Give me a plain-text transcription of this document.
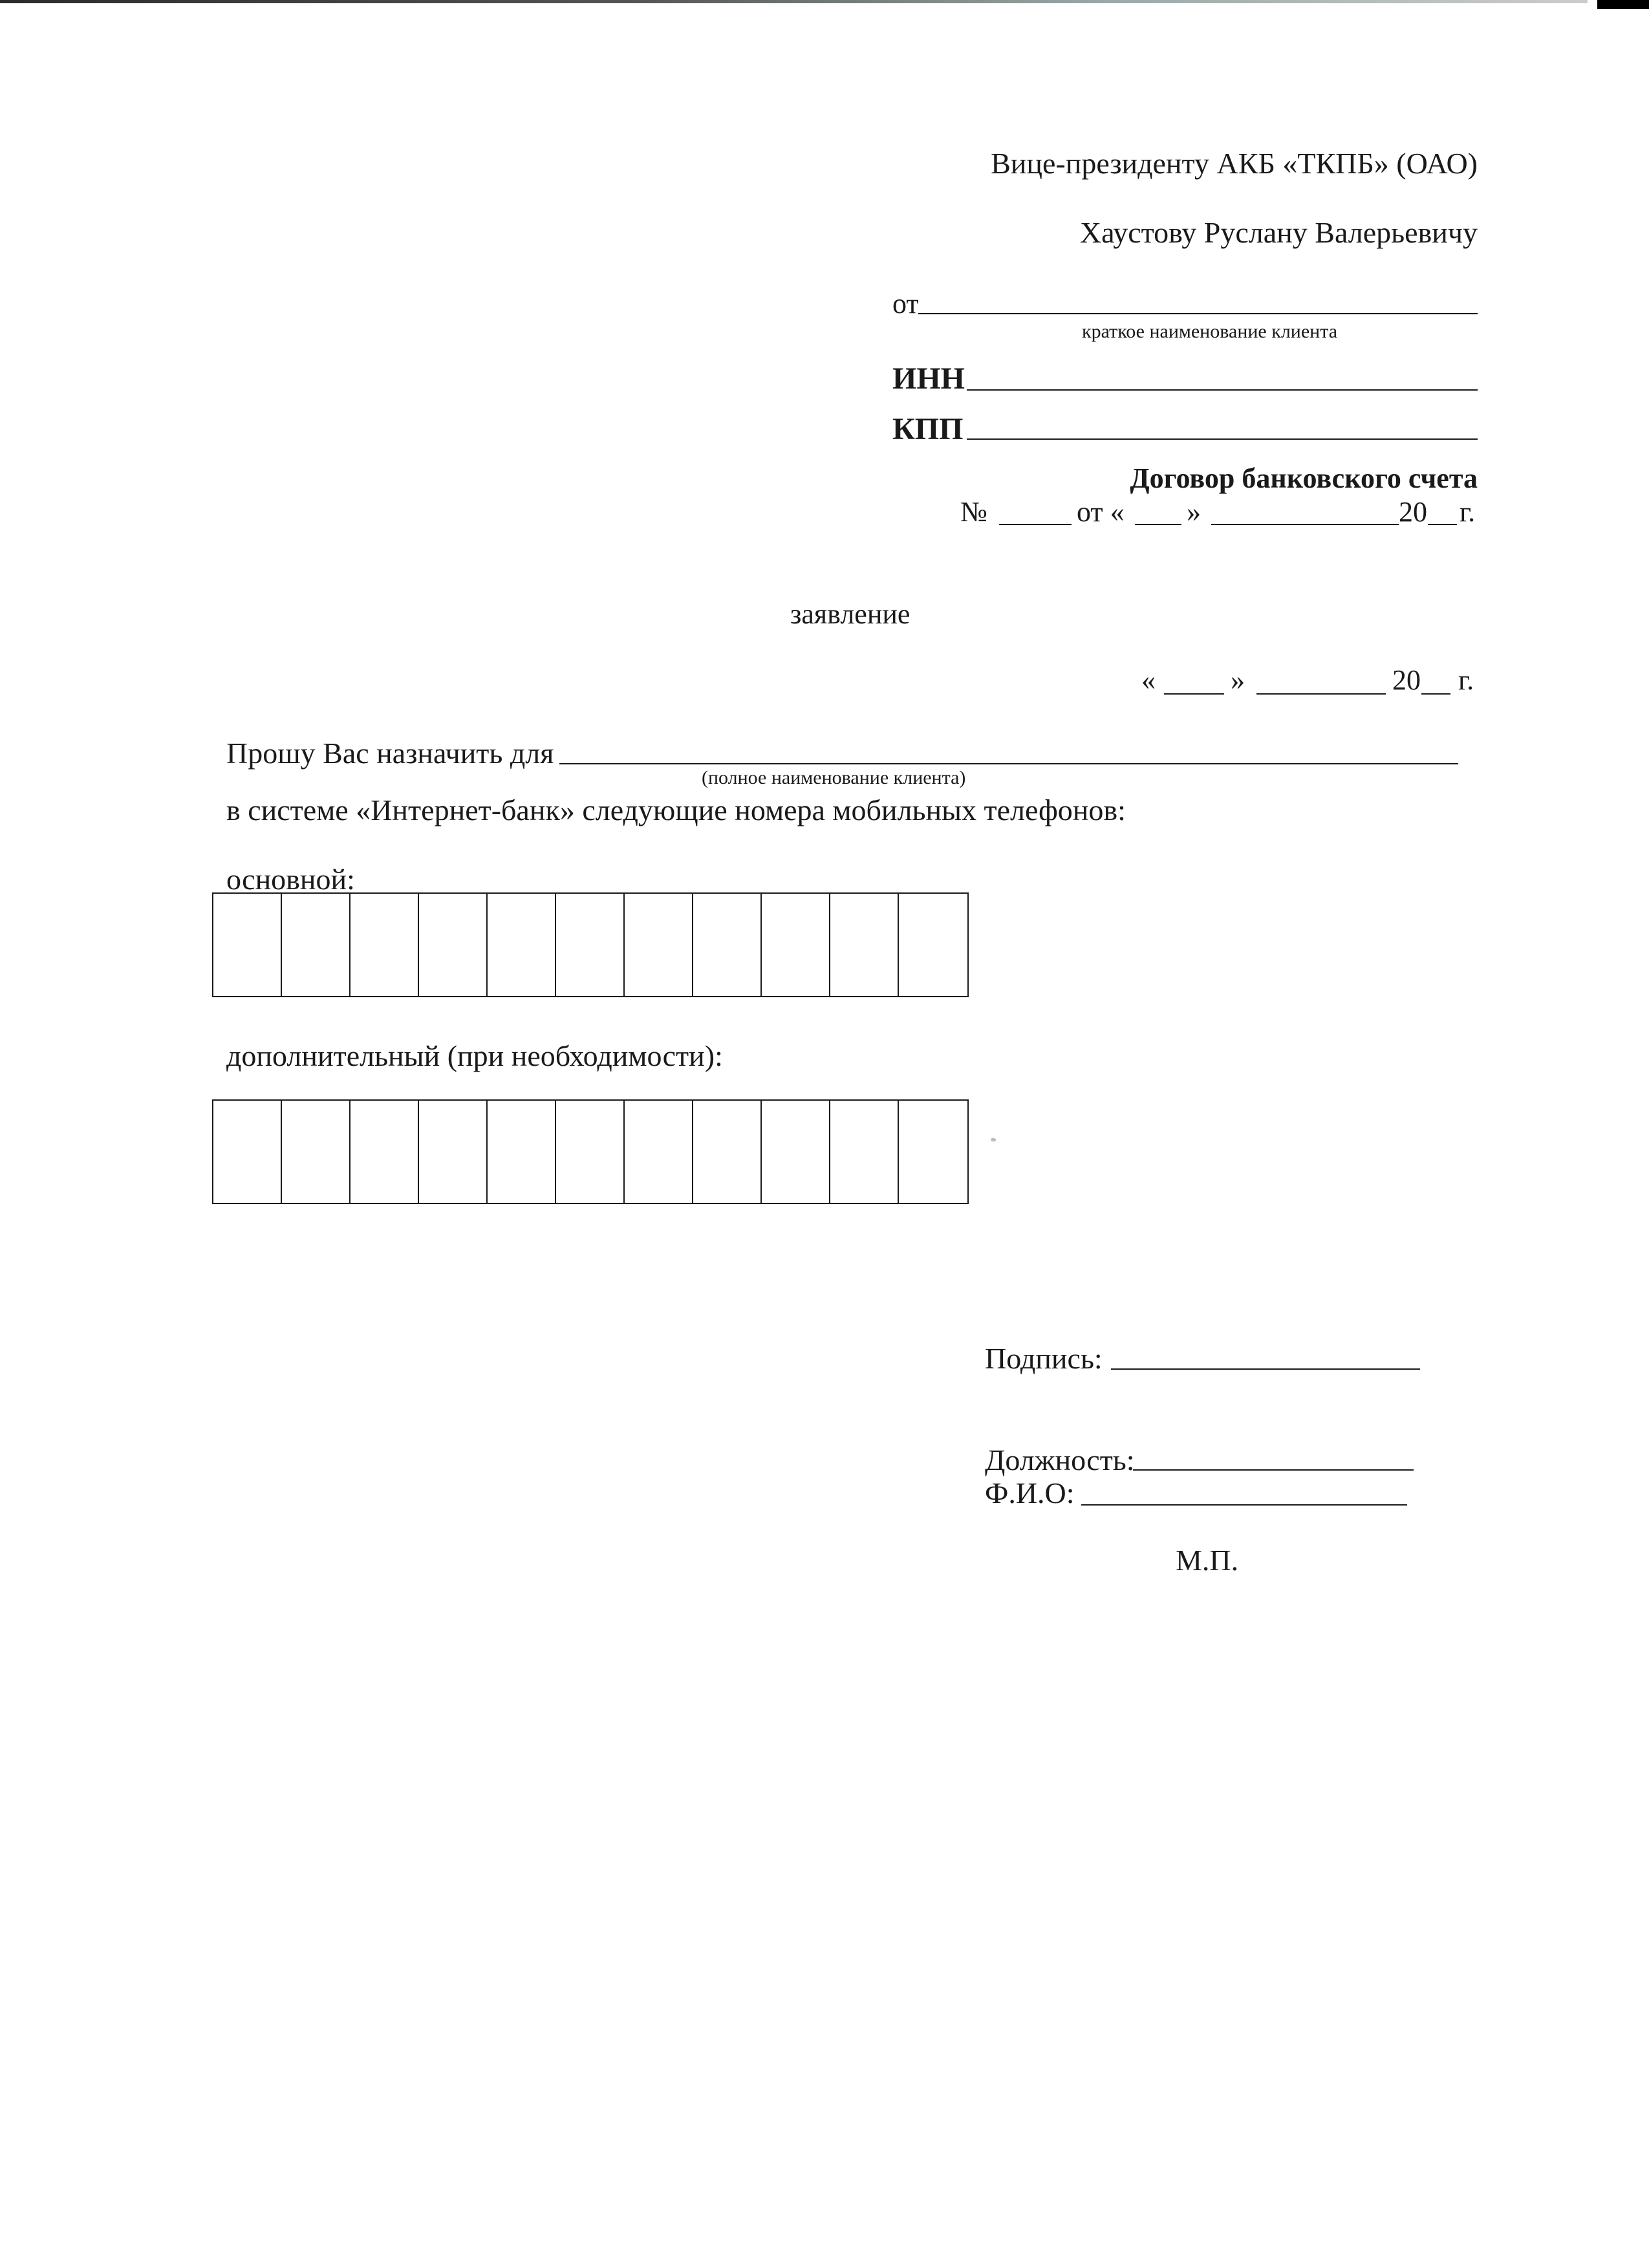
Вице-президенту АКБ «ТКПБ» (ОАО)
Хаустову Руслану Валерьевичу
от
краткое наименование клиента
ИНН
КПП
Договор банковского счета
№	от « »	20 г.
заявление
«	»	20 г.
Прошу Вас назначить для
(полное наименование клиента)
в системе «Интернет-банк» следующие номера мобильных телефонов:
основной:
дополнительный (при необходимости):
Подпись:
Должность:
Ф.И.О:
М.П.
